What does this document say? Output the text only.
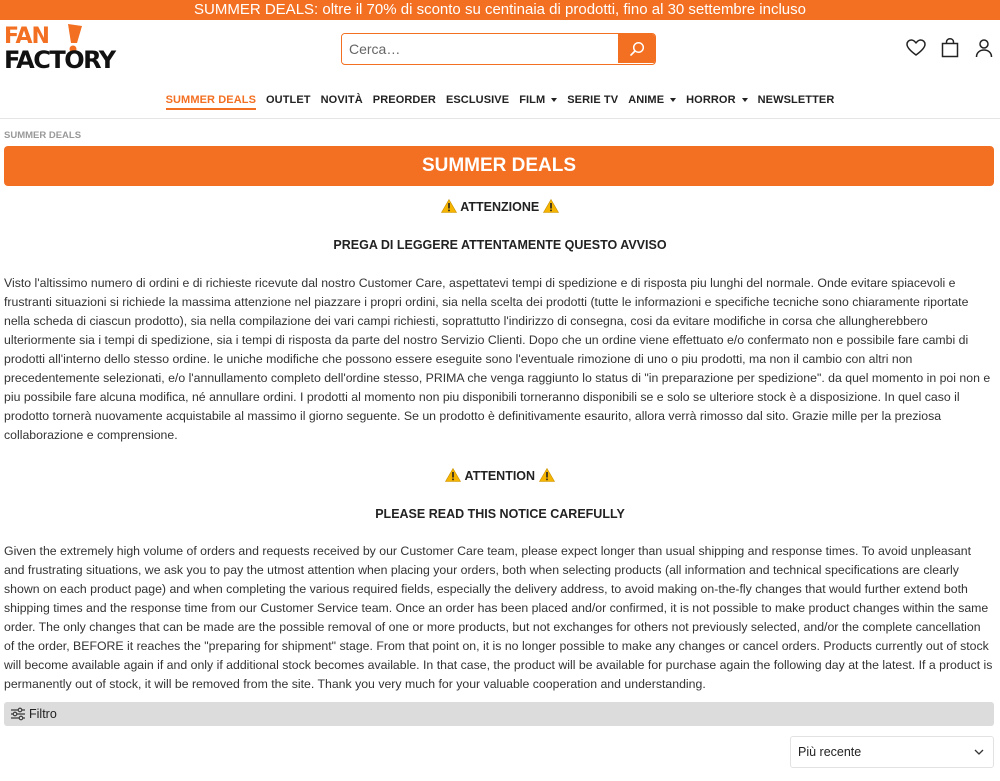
SUMMER DEALS: oltre il 70% di sconto su centinaia di prodotti, fino al 30 settembre incluso
FAN
FACTORY
Cerca…
SUMMER DEALS OUTLET NOVITÀ PREORDER ESCLUSIVE FILM SERIE TV ANIME HORROR NEWSLETTER
SUMMER DEALS
SUMMER DEALS
ATTENZIONE
PREGA DI LEGGERE ATTENTAMENTE QUESTO AVVISO

Visto l'altissimo numero di ordini e di richieste ricevute dal nostro Customer Care, aspettatevi tempi di spedizione e di risposta piu lunghi del normale. Onde evitare spiacevoli e frustranti situazioni si richiede la massima attenzione nel piazzare i propri ordini, sia nella scelta dei prodotti (tutte le informazioni e specifiche tecniche sono chiaramente riportate nella scheda di ciascun prodotto), sia nella compilazione dei vari campi richiesti, soprattutto l'indirizzo di consegna, cosi da evitare modifiche in corsa che allungherebbero ulteriormente sia i tempi di spedizione, sia i tempi di risposta da parte del nostro Servizio Clienti. Dopo che un ordine viene effettuato e/o confermato non e possibile fare cambi di prodotti all'interno dello stesso ordine. le uniche modifiche che possono essere eseguite sono l'eventuale rimozione di uno o piu prodotti, ma non il cambio con altri non precedentemente selezionati, e/o l'annullamento completo dell'ordine stesso, PRIMA che venga raggiunto lo status di "in preparazione per spedizione". da quel momento in poi non e piu possibile fare alcuna modifica, né annullare ordini. I prodotti al momento non piu disponibili torneranno disponibili se e solo se ulteriore stock è a disposizione. In quel caso il prodotto tornerà nuovamente acquistabile al massimo il giorno seguente. Se un prodotto è definitivamente esaurito, allora verrà rimosso dal sito. Grazie mille per la preziosa collaborazione e comprensione.

ATTENTION
PLEASE READ THIS NOTICE CAREFULLY

Given the extremely high volume of orders and requests received by our Customer Care team, please expect longer than usual shipping and response times. To avoid unpleasant and frustrating situations, we ask you to pay the utmost attention when placing your orders, both when selecting products (all information and technical specifications are clearly shown on each product page) and when completing the various required fields, especially the delivery address, to avoid making on-the-fly changes that would further extend both shipping times and the response time from our Customer Service team. Once an order has been placed and/or confirmed, it is not possible to make product changes within the same order. The only changes that can be made are the possible removal of one or more products, but not exchanges for others not previously selected, and/or the complete cancellation of the order, BEFORE it reaches the "preparing for shipment" stage. From that point on, it is no longer possible to make any changes or cancel orders. Products currently out of stock will become available again if and only if additional stock becomes available. In that case, the product will be available for purchase again the following day at the latest. If a product is permanently out of stock, it will be removed from the site. Thank you very much for your valuable cooperation and understanding.

Filtro
Più recente
